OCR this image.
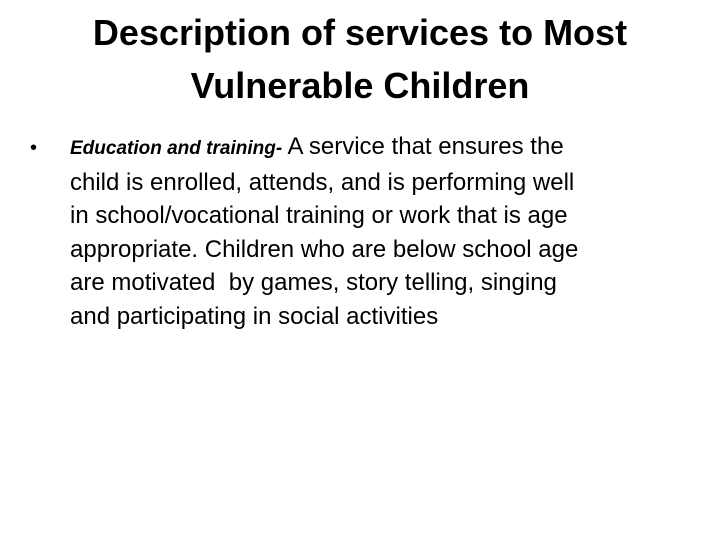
Description of services to Most
Vulnerable Children
• Education and training- A service that ensures the
child is enrolled, attends, and is performing well
in school/vocational training or work that is age
appropriate. Children who are below school age
are motivated  by games, story telling, singing
and participating in social activities
